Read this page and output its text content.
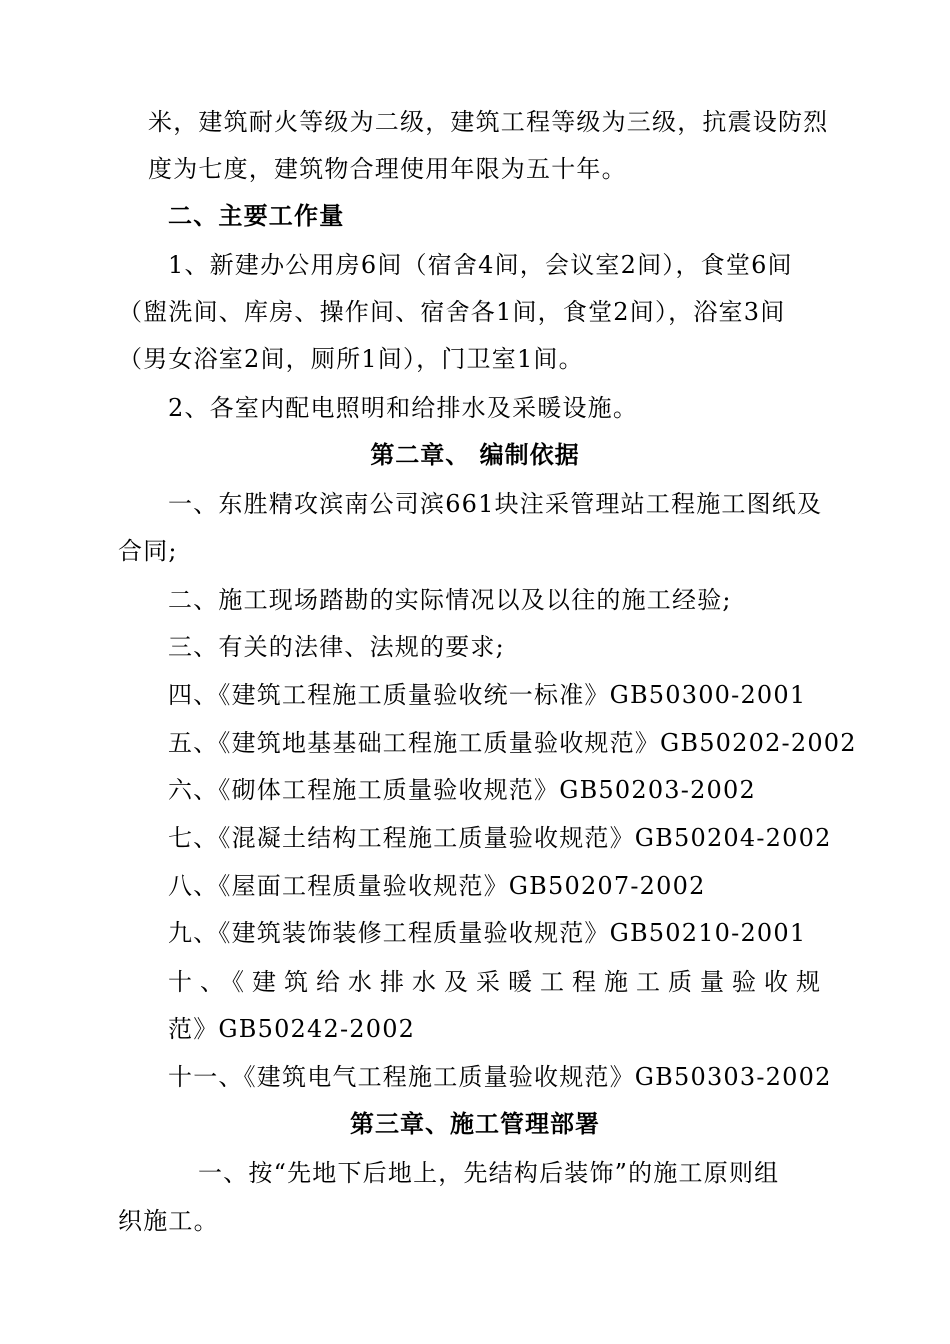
米，建筑耐火等级为二级，建筑工程等级为三级，抗震设防烈
度为七度，建筑物合理使用年限为五十年。
二、主要工作量
1、新建办公用房6间（宿舍4间，会议室2间），食堂6间
（盥洗间、库房、操作间、宿舍各1间，食堂2间），浴室3间
（男女浴室2间，厕所1间），门卫室1间。
2、各室内配电照明和给排水及采暖设施。
第二章、 编制依据
一、东胜精攻滨南公司滨661块注采管理站工程施工图纸及
合同;
二、施工现场踏勘的实际情况以及以往的施工经验;
三、有关的法律、法规的要求;
四、《建筑工程施工质量验收统一标准》GB50300-2001
五、《建筑地基基础工程施工质量验收规范》GB50202-2002
六、《砌体工程施工质量验收规范》GB50203-2002
七、《混凝土结构工程施工质量验收规范》GB50204-2002
八、《屋面工程质量验收规范》GB50207-2002
九、《建筑装饰装修工程质量验收规范》GB50210-2001
十、《建筑给水排水及采暖工程施工质量验收规
范》GB50242-2002
十一、《建筑电气工程施工质量验收规范》GB50303-2002
第三章、施工管理部署
一、按“先地下后地上，先结构后装饰”的施工原则组
织施工。
